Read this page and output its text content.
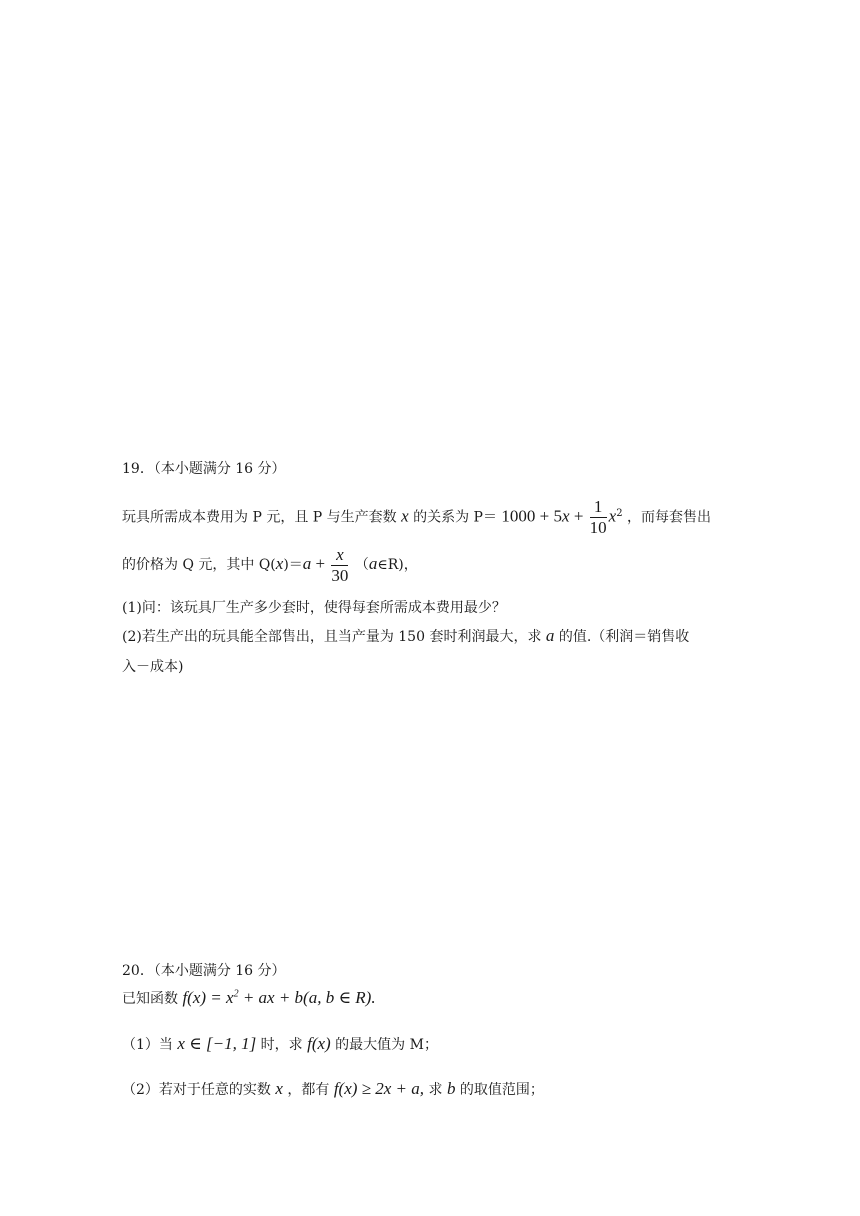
19．（本小题满分 16 分）
玩具所需成本费用为 P 元，且 P 与生产套数 x 的关系为 $P= 1000 + 5x + \frac{1}{10} x^2$ ，而每套售出
的价格为 Q 元，其中 $Q(x)=a + \frac{x}{30}$ （a∈R)，
(1)问：该玩具厂生产多少套时，使得每套所需成本费用最少？
(2)若生产出的玩具能全部售出，且当产量为 150 套时利润最大，求 a 的值.（利润＝销售收
入－成本)
20．（本小题满分 16 分）
已知函数 $f(x) = x^2$ + ax + b(a, b ∈ R).
（1）当 x ∈ [−1, 1] 时，求 f(x) 的最大值为 M；
（2）若对于任意的实数 x ，都有 f(x) ≥ 2x + a, 求 b 的取值范围；
